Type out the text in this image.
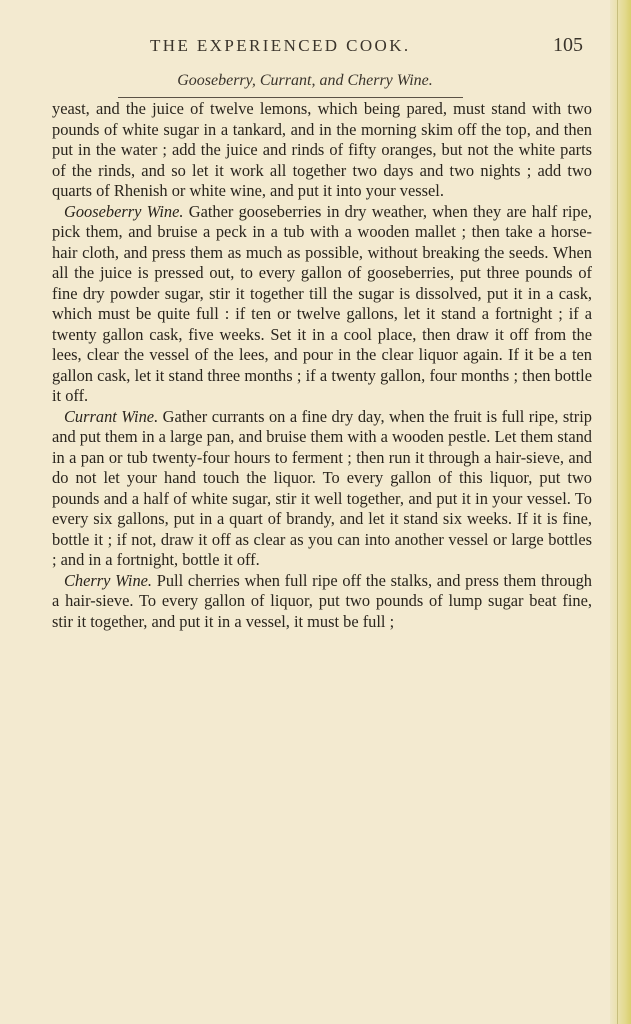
THE EXPERIENCED COOK.	105
Gooseberry, Currant, and Cherry Wine.

yeast, and the juice of twelve lemons, which being pared, must stand with two pounds of white sugar in a tankard, and in the morning skim off the top, and then put in the water ; add the juice and rinds of fifty oranges, but not the white parts of the rinds, and so let it work all together two days and two nights ; add two quarts of Rhenish or white wine, and put it into your vessel.

Gooseberry Wine. Gather gooseberries in dry weather, when they are half ripe, pick them, and bruise a peck in a tub with a wooden mallet ; then take a horse-hair cloth, and press them as much as possible, without breaking the seeds. When all the juice is pressed out, to every gallon of gooseberries, put three pounds of fine dry powder sugar, stir it together till the sugar is dissolved, put it in a cask, which must be quite full : if ten or twelve gallons, let it stand a fortnight ; if a twenty gallon cask, five weeks. Set it in a cool place, then draw it off from the lees, clear the vessel of the lees, and pour in the clear liquor again. If it be a ten gallon cask, let it stand three months ; if a twenty gallon, four months ; then bottle it off.

Currant Wine. Gather currants on a fine dry day, when the fruit is full ripe, strip and put them in a large pan, and bruise them with a wooden pestle. Let them stand in a pan or tub twenty-four hours to ferment ; then run it through a hair-sieve, and do not let your hand touch the liquor. To every gallon of this liquor, put two pounds and a half of white sugar, stir it well together, and put it in your vessel. To every six gallons, put in a quart of brandy, and let it stand six weeks. If it is fine, bottle it ; if not, draw it off as clear as you can into another vessel or large bottles ; and in a fortnight, bottle it off.

Cherry Wine. Pull cherries when full ripe off the stalks, and press them through a hair-sieve. To every gallon of liquor, put two pounds of lump sugar beat fine, stir it together, and put it in a vessel, it must be full ;
